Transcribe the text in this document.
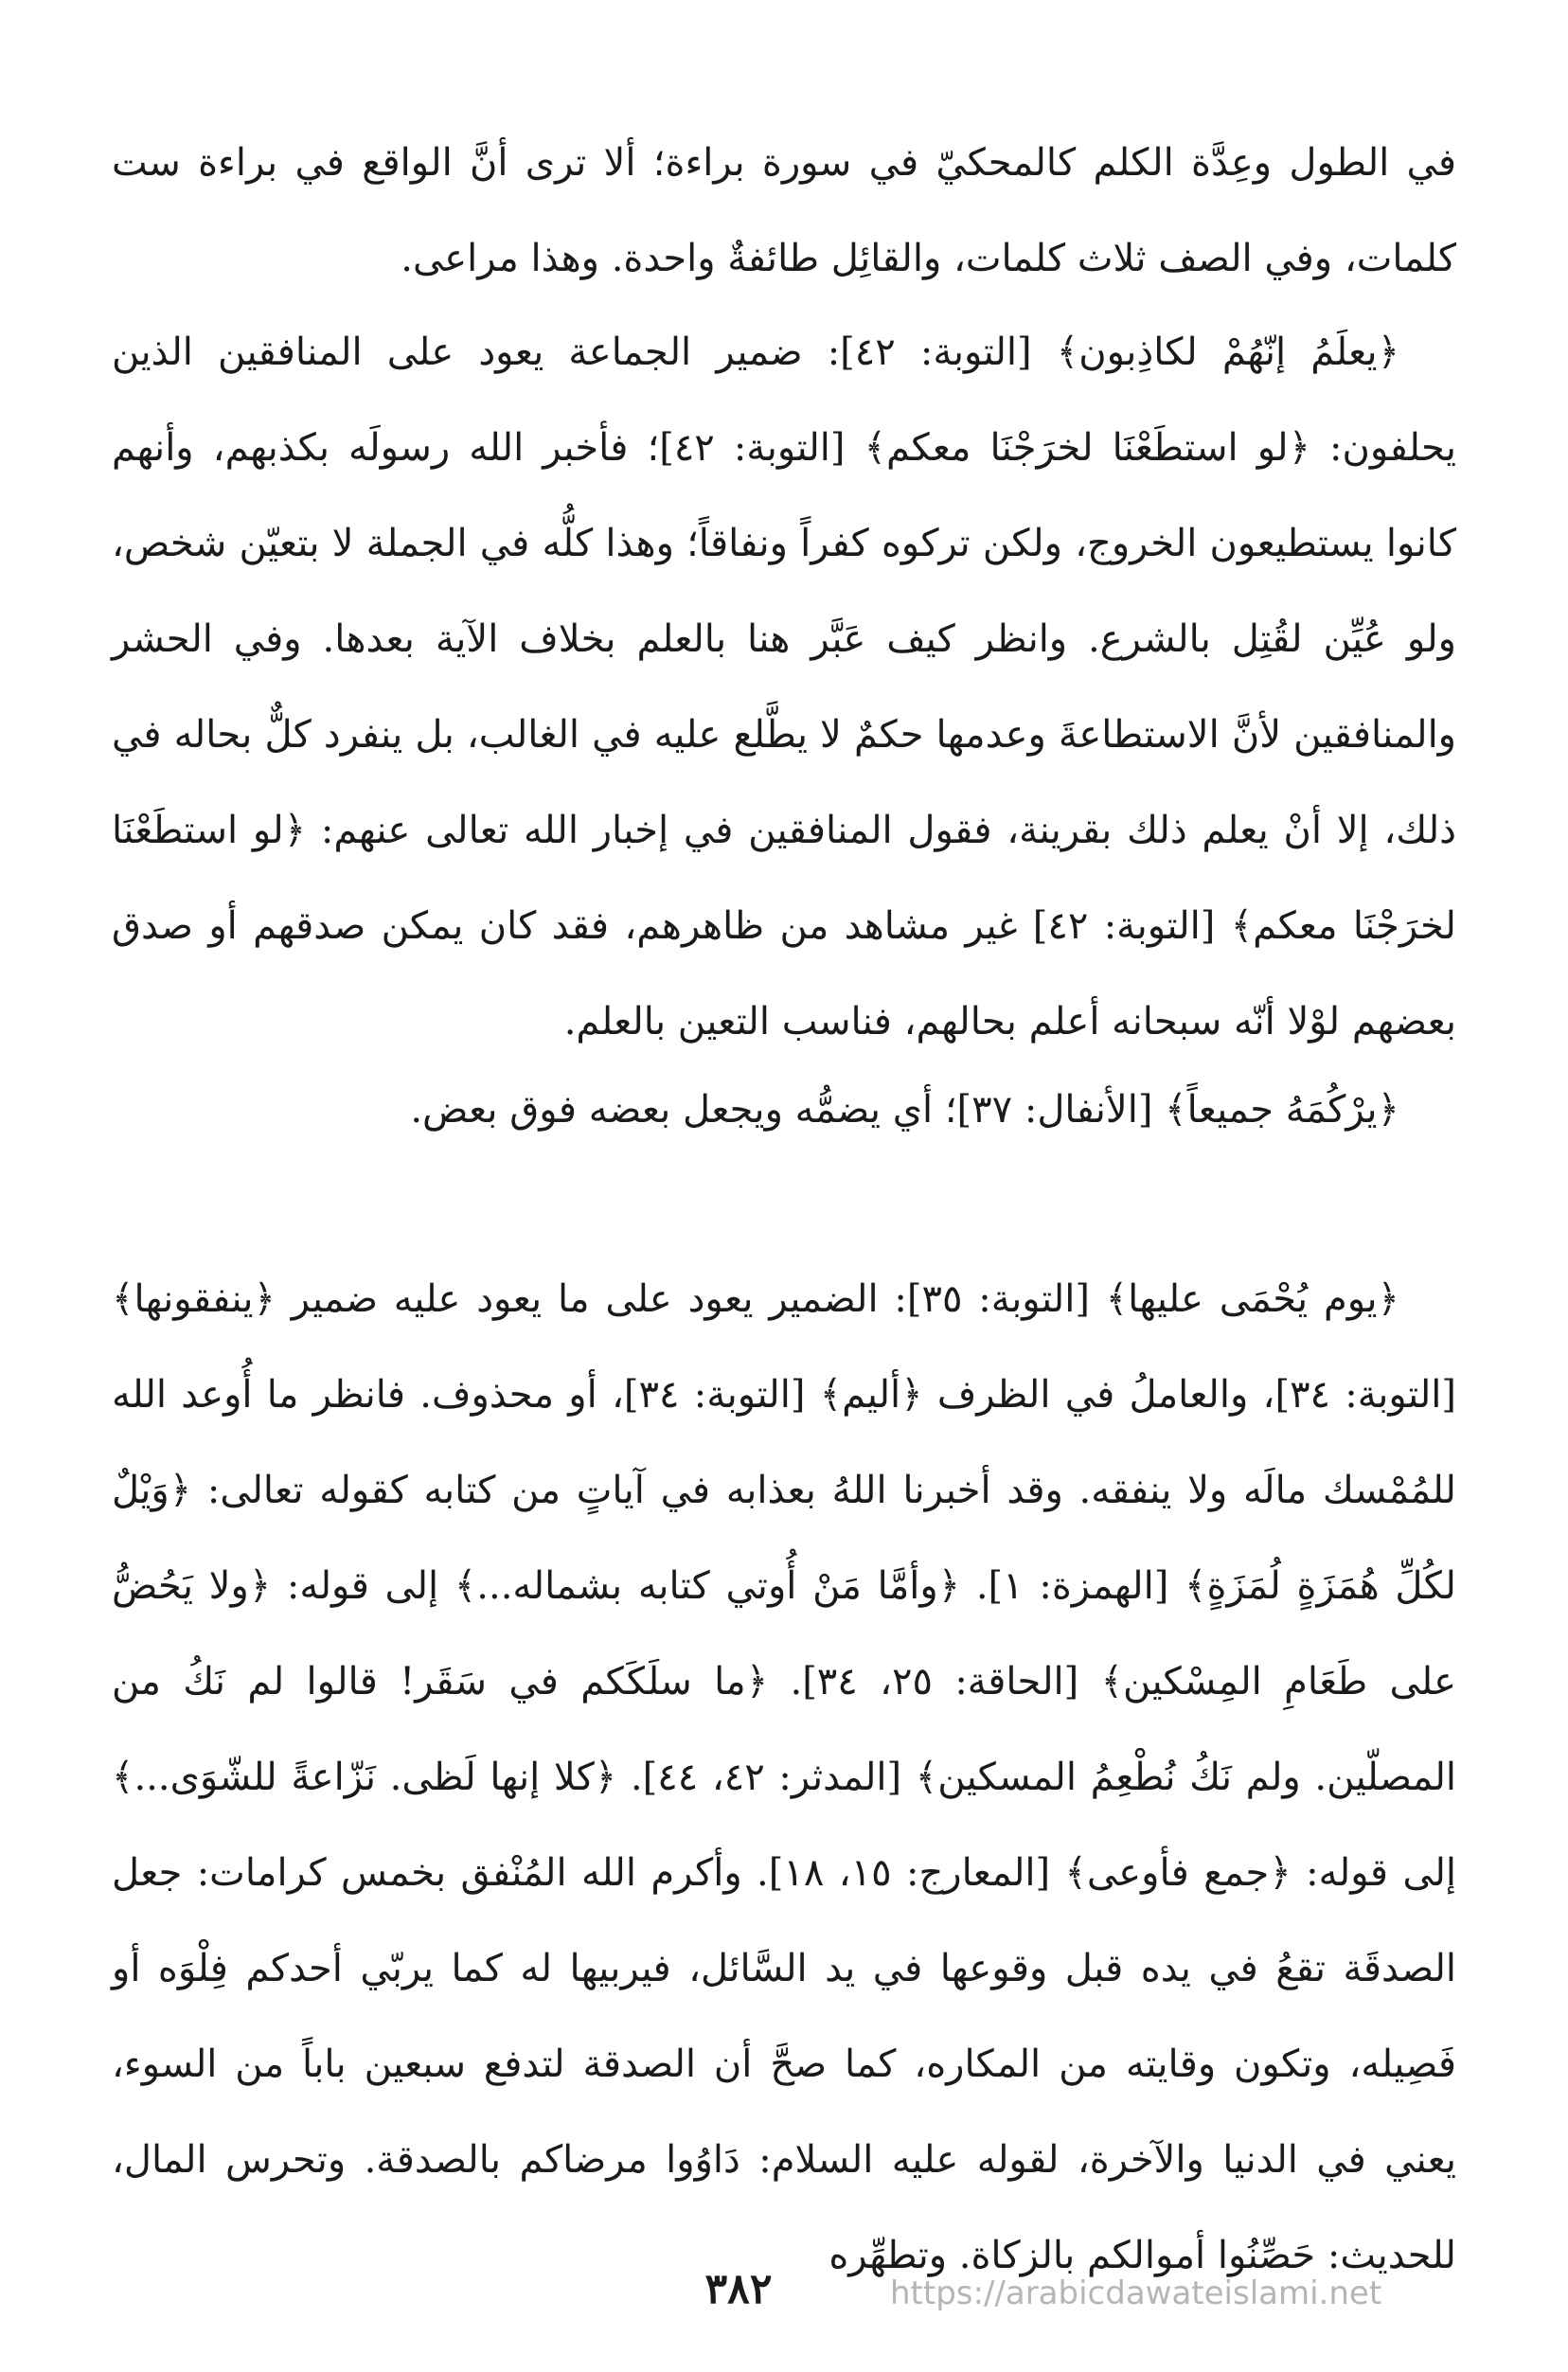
في الطول وعِدَّة الكلم كالمحكيّ في سورة براءة؛ ألا ترى أنَّ الواقع في براءة ست كلمات، وفي الصف ثلاث كلمات، والقائِل طائفةٌ واحدة. وهذا مراعى.

﴿يعلَمُ إنّهُمْ لكاذِبون﴾ [التوبة: ٤٢]: ضمير الجماعة يعود على المنافقين الذين يحلفون: ﴿لو استطَعْنَا لخرَجْنَا معكم﴾ [التوبة: ٤٢]؛ فأخبر الله رسولَه بكذبهم، وأنهم كانوا يستطيعون الخروج، ولكن تركوه كفراً ونفاقاً؛ وهذا كلُّه في الجملة لا بتعيّن شخص، ولو عُيِّن لقُتِل بالشرع. وانظر كيف عَبَّر هنا بالعلم بخلاف الآية بعدها. وفي الحشر والمنافقين لأنَّ الاستطاعةَ وعدمها حكمٌ لا يطَّلع عليه في الغالب، بل ينفرد كلٌّ بحاله في ذلك، إلا أنْ يعلم ذلك بقرينة، فقول المنافقين في إخبار الله تعالى عنهم: ﴿لو استطَعْنَا لخرَجْنَا معكم﴾ [التوبة: ٤٢] غير مشاهد من ظاهرهم، فقد كان يمكن صدقهم أو صدق بعضهم لوْلا أنّه سبحانه أعلم بحالهم، فناسب التعين بالعلم.

﴿يرْكُمَهُ جميعاً﴾ [الأنفال: ٣٧]؛ أي يضمُّه ويجعل بعضه فوق بعض.

﴿يوم يُحْمَى عليها﴾ [التوبة: ٣٥]: الضمير يعود على ما يعود عليه ضمير ﴿ينفقونها﴾ [التوبة: ٣٤]، والعاملُ في الظرف ﴿أليم﴾ [التوبة: ٣٤]، أو محذوف. فانظر ما أُوعد الله للمُمْسك مالَه ولا ينفقه. وقد أخبرنا اللهُ بعذابه في آياتٍ من كتابه كقوله تعالى: ﴿وَيْلٌ لكُلِّ هُمَزَةٍ لُمَزَةٍ﴾ [الهمزة: ١]. ﴿وأمَّا مَنْ أُوتي كتابه بشماله...﴾ إلى قوله: ﴿ولا يَحُضُّ على طَعَامِ المِسْكين﴾ [الحاقة: ٢٥، ٣٤]. ﴿ما سلَكَكم في سَقَر! قالوا لم نَكُ من المصلّين. ولم نَكُ نُطْعِمُ المسكين﴾ [المدثر: ٤٢، ٤٤]. ﴿كلا إنها لَظى. نَزّاعةً للشّوَى...﴾ إلى قوله: ﴿جمع فأوعى﴾ [المعارج: ١٥، ١٨]. وأكرم الله المُنْفق بخمس كرامات: جعل الصدقَة تقعُ في يده قبل وقوعها في يد السَّائل، فيربيها له كما يربّي أحدكم فِلْوَه أو فَصِيله، وتكون وقايته من المكاره، كما صحَّ أن الصدقة لتدفع سبعين باباً من السوء، يعني في الدنيا والآخرة، لقوله عليه السلام: دَاوُوا مرضاكم بالصدقة. وتحرس المال، للحديث: حَصِّنُوا أموالكم بالزكاة. وتطهِّره

٣٨٢	https://arabicdawateislami.net
